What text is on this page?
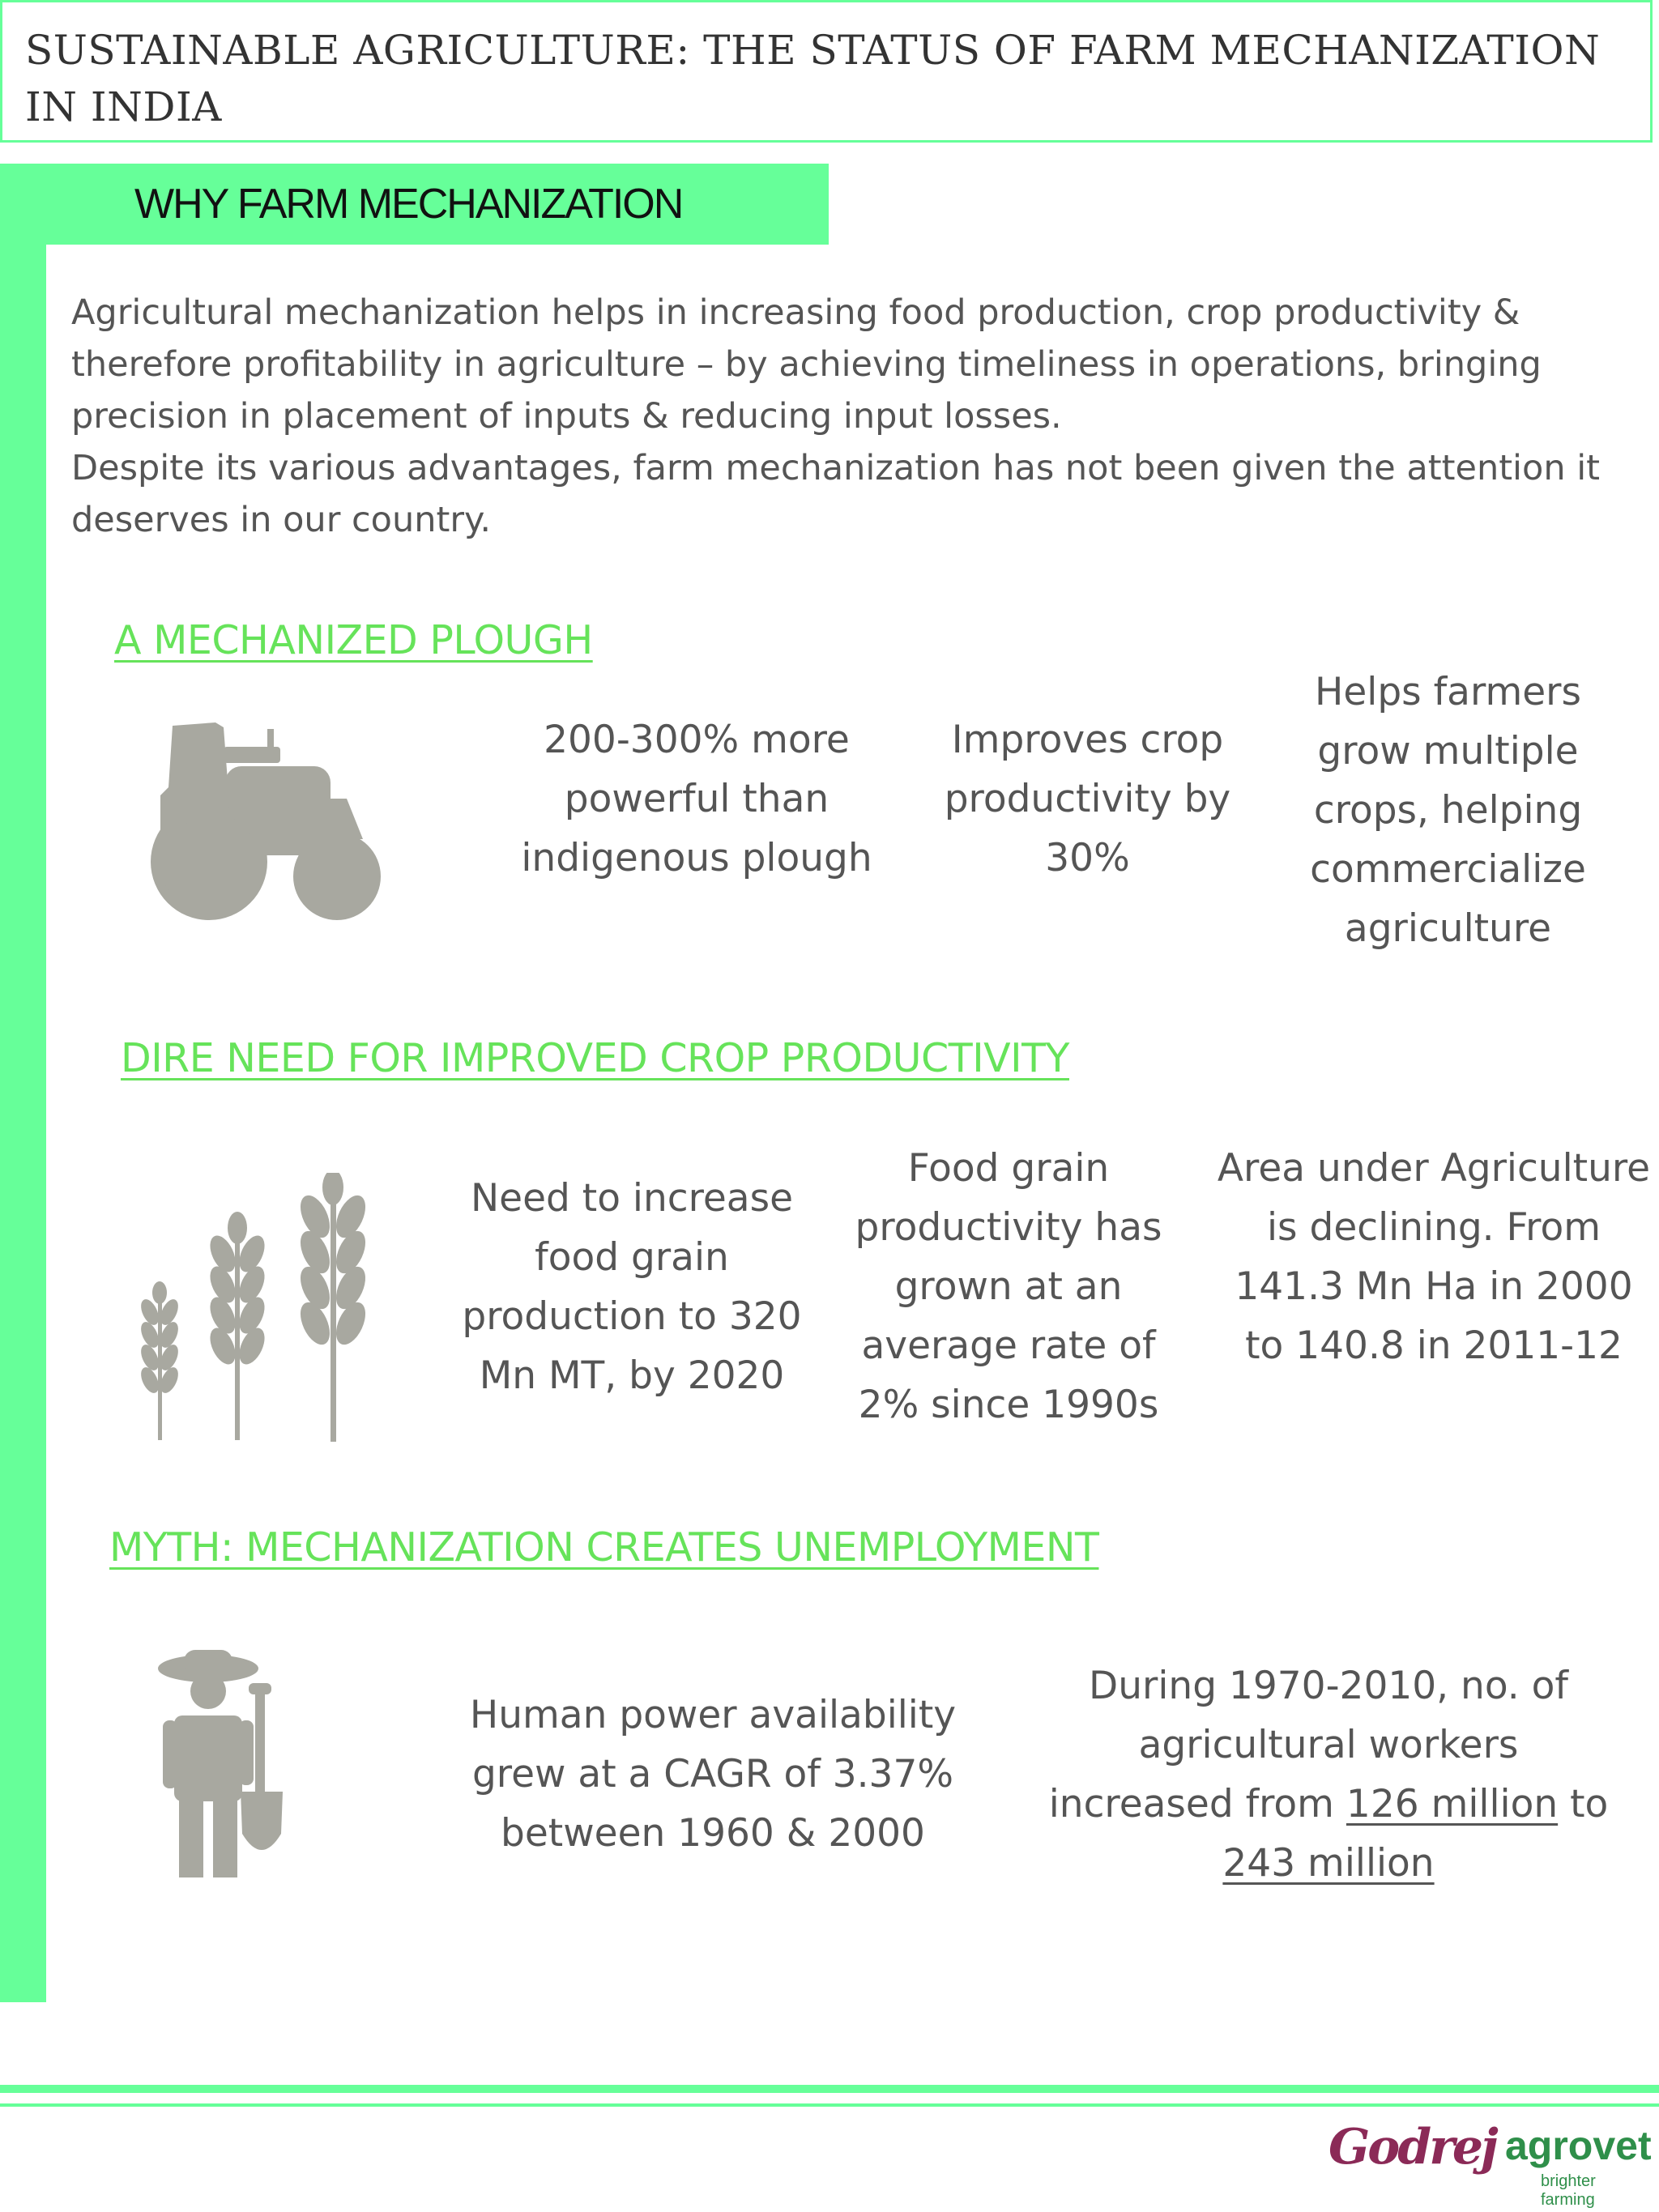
SUSTAINABLE AGRICULTURE: THE STATUS OF FARM MECHANIZATION IN INDIA
WHY FARM MECHANIZATION

Agricultural mechanization helps in increasing food production, crop productivity & therefore profitability in agriculture – by achieving timeliness in operations, bringing precision in placement of inputs & reducing input losses.

Despite its various advantages, farm mechanization has not been given the attention it deserves in our country.

A MECHANIZED PLOUGH
200-300% more powerful than indigenous plough
Improves crop productivity by 30%
Helps farmers grow multiple crops, helping commercialize agriculture
DIRE NEED FOR IMPROVED CROP PRODUCTIVITY
Need to increase food grain production to 320 Mn MT, by 2020
Food grain productivity has grown at an average rate of 2% since 1990s
Area under Agriculture is declining. From 141.3 Mn Ha in 2000 to 140.8 in 2011-12
MYTH: MECHANIZATION CREATES UNEMPLOYMENT
Human power availability grew at a CAGR of 3.37% between 1960 & 2000
During 1970-2010, no. of agricultural workers increased from 126 million to 243 million
Godrej agrovet
brighter farming
